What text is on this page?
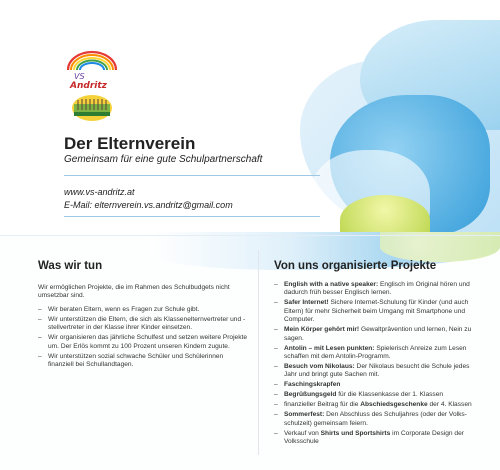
VS
Andritz
Der Elternverein
Gemeinsam für eine gute Schulpartnerschaft
www.vs-andritz.at
E-Mail: elternverein.vs.andritz@gmail.com
Was wir tun
Wir ermöglichen Projekte, die im Rahmen des Schulbudgets nicht umsetzbar sind.
– Wir beraten Eltern, wenn es Fragen zur Schule gibt.
– Wir unterstützen die Eltern, die sich als Klassenelternvertreter und -stellvertreter in der Klasse ihrer Kinder einsetzen.
– Wir organisieren das jährliche Schulfest und setzen weitere Projekte um. Der Erlös kommt zu 100 Prozent unseren Kindern zugute.
– Wir unterstützen sozial schwache Schüler und Schülerinnen finanziell bei Schullandtagen.
Von uns organisierte Projekte
– English with a native speaker: Englisch im Original hören und dadurch früh besser Englisch lernen.
– Safer Internet! Sichere Internet-Schulung für Kinder (und auch Eltern) für mehr Sicherheit beim Umgang mit Smartphone und Computer.
– Mein Körper gehört mir! Gewaltprävention und lernen, Nein zu sagen.
– Antolin – mit Lesen punkten: Spielerisch Anreize zum Lesen schaffen mit dem Antolin-Programm.
– Besuch vom Nikolaus: Der Nikolaus besucht die Schule jedes Jahr und bringt gute Sachen mit.
– Faschingskrapfen
– Begrüßungsgeld für die Klassenkasse der 1. Klassen
– finanzieller Beitrag für die Abschiedsgeschenke der 4. Klassen
– Sommerfest: Den Abschluss des Schuljahres (oder der Volks-schulzeit) gemeinsam feiern.
– Verkauf von Shirts und Sportshirts im Corporate Design der Volksschule
